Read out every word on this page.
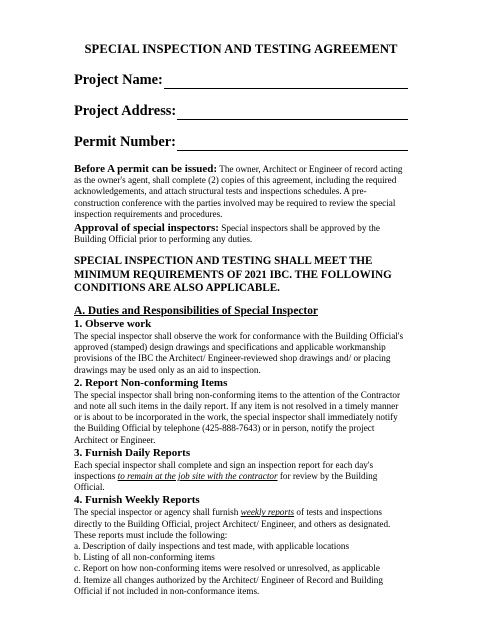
SPECIAL INSPECTION AND TESTING AGREEMENT
Project Name:
Project Address:
Permit Number:

Before A permit can be issued: The owner, Architect or Engineer of record acting as the owner's agent, shall complete (2) copies of this agreement, including the required acknowledgements, and attach structural tests and inspections schedules. A pre-construction conference with the parties involved may be required to review the special inspection requirements and procedures.

Approval of special inspectors: Special inspectors shall be approved by the Building Official prior to performing any duties.

SPECIAL INSPECTION AND TESTING SHALL MEET THE MINIMUM REQUIREMENTS OF 2021 IBC. THE FOLLOWING CONDITIONS ARE ALSO APPLICABLE.
A. Duties and Responsibilities of Special Inspector
1. Observe work

The special inspector shall observe the work for conformance with the Building Official's approved (stamped) design drawings and specifications and applicable workmanship provisions of the IBC the Architect/ Engineer-reviewed shop drawings and/ or placing drawings may be used only as an aid to inspection.

2. Report Non-conforming Items

The special inspector shall bring non-conforming items to the attention of the Contractor and note all such items in the daily report. If any item is not resolved in a timely manner or is about to be incorporated in the work, the special inspector shall immediately notify the Building Official by telephone (425-888-7643) or in person, notify the project Architect or Engineer.

3. Furnish Daily Reports

Each special inspector shall complete and sign an inspection report for each day's inspections to remain at the job site with the contractor for review by the Building Official.

4. Furnish Weekly Reports

The special inspector or agency shall furnish weekly reports of tests and inspections directly to the Building Official, project Architect/ Engineer, and others as designated. These reports must include the following:

a. Description of daily inspections and test made, with applicable locations

b. Listing of all non-conforming items

c. Report on how non-conforming items were resolved or unresolved, as applicable

d. Itemize all changes authorized by the Architect/ Engineer of Record and Building Official if not included in non-conformance items.
